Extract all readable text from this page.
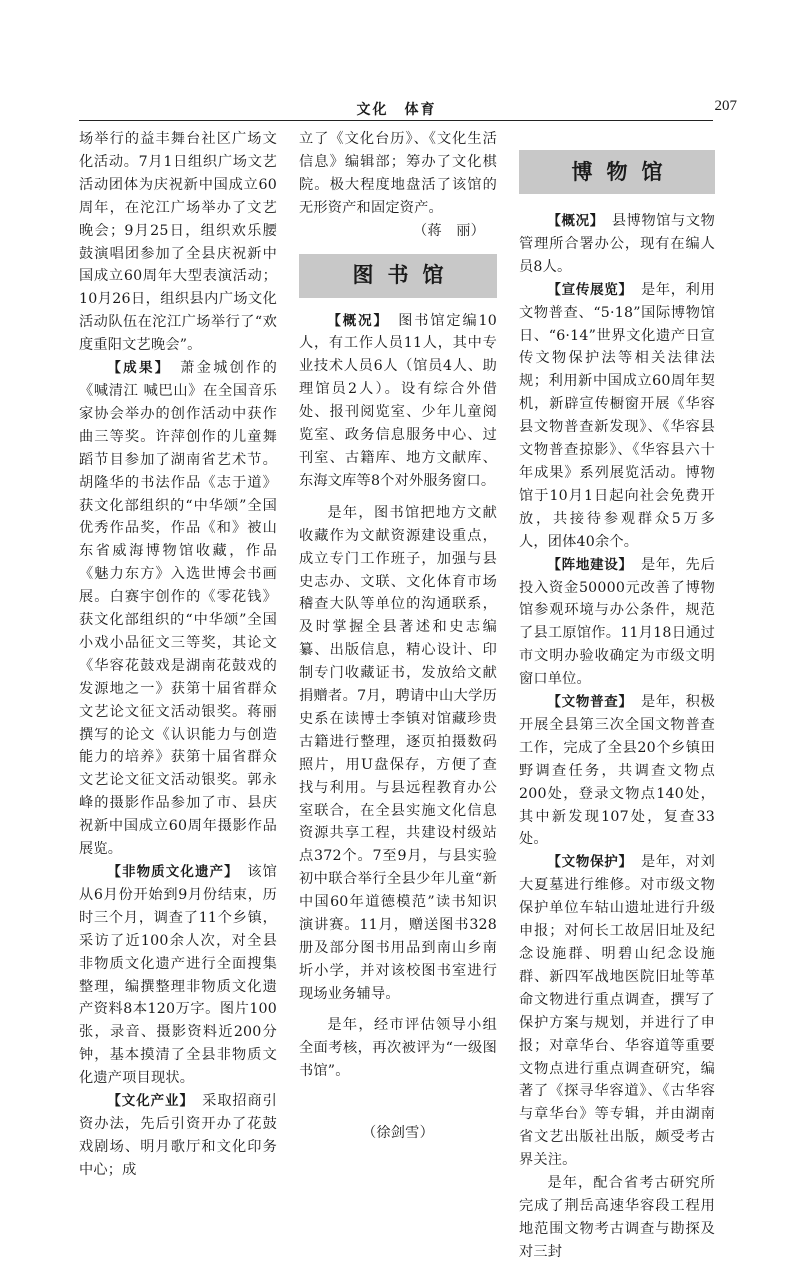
文化　体育	207

场举行的益丰舞台社区广场文化活动。7月1日组织广场文艺活动团体为庆祝新中国成立60周年，在沱江广场举办了文艺晚会；9月25日，组织欢乐腰鼓演唱团参加了全县庆祝新中国成立60周年大型表演活动；10月26日，组织县内广场文化活动队伍在沱江广场举行了“欢度重阳文艺晚会”。

【成果】　 萧金城创作的《喊清江 喊巴山》在全国音乐家协会举办的创作活动中获作曲三等奖。许萍创作的儿童舞蹈节目参加了湖南省艺术节。胡隆华的书法作品《志于道》获文化部组织的“中华颂”全国优秀作品奖，作品《和》被山东省威海博物馆收藏，作品《魅力东方》入选世博会书画展。白赛宇创作的《零花钱》获文化部组织的“中华颂”全国小戏小品征文三等奖，其论文《华容花鼓戏是湖南花鼓戏的发源地之一》获第十届省群众文艺论文征文活动银奖。蒋丽撰写的论文《认识能力与创造能力的培养》获第十届省群众文艺论文征文活动银奖。郭永峰的摄影作品参加了市、县庆祝新中国成立60周年摄影作品展览。

【非物质文化遗产】　 该馆从6月份开始到9月份结束，历时三个月，调查了11个乡镇，采访了近100余人次，对全县非物质文化遗产进行全面搜集整理，编撰整理非物质文化遗产资料8本120万字。图片100张，录音、摄影资料近200分钟，基本摸清了全县非物质文化遗产项目现状。

【文化产业】　 采取招商引资办法，先后引资开办了花鼓戏剧场、明月歌厅和文化印务中心；成

立了《文化台历》、《文化生活信息》编辑部；筹办了文化棋院。极大程度地盘活了该馆的无形资产和固定资产。

（蒋　丽）
图书馆

【概况】　 图书馆定编10人，有工作人员11人，其中专业技术人员6人（馆员4人、助理馆员2人）。设有综合外借处、报刊阅览室、少年儿童阅览室、政务信息服务中心、过刊室、古籍库、地方文献库、东海文库等8个对外服务窗口。

是年，图书馆把地方文献收藏作为文献资源建设重点，成立专门工作班子，加强与县史志办、文联、文化体育市场稽查大队等单位的沟通联系，及时掌握全县著述和史志编纂、出版信息，精心设计、印制专门收藏证书，发放给文献捐赠者。7月，聘请中山大学历史系在读博士李镇对馆藏珍贵古籍进行整理，逐页拍摄数码照片，用U盘保存，方便了查找与利用。与县远程教育办公室联合，在全县实施文化信息资源共享工程，共建设村级站点372个。7至9月，与县实验初中联合举行全县少年儿童“新中国60年道德模范”读书知识演讲赛。11月，赠送图书328册及部分图书用品到南山乡南圻小学，并对该校图书室进行现场业务辅导。

是年，经市评估领导小组全面考核，再次被评为“一级图书馆”。

（徐剑雪）
博物馆

【概况】　 县博物馆与文物管理所合署办公，现有在编人员8人。

【宣传展览】　 是年，利用文物普查、“5·18”国际博物馆日、“6·14”世界文化遗产日宣传文物保护法等相关法律法规；利用新中国成立60周年契机，新辟宣传橱窗开展《华容县文物普查新发现》、《华容县文物普查掠影》、《华容县六十年成果》系列展览活动。博物馆于10月1日起向社会免费开放，共接待参观群众5万多人，团体40余个。

【阵地建设】　 是年，先后投入资金50000元改善了博物馆参观环境与办公条件，规范了县工原馆作。11月18日通过市文明办验收确定为市级文明窗口单位。

【文物普查】　 是年，积极开展全县第三次全国文物普查工作，完成了全县20个乡镇田野调查任务，共调查文物点200处，登录文物点140处，其中新发现107处，复查33处。

【文物保护】　 是年，对刘大夏墓进行维修。对市级文物保护单位车轱山遗址进行升级申报；对何长工故居旧址及纪念设施群、明碧山纪念设施群、新四军战地医院旧址等革命文物进行重点调查，撰写了保护方案与规划，并进行了申报；对章华台、华容道等重要文物点进行重点调查研究，编著了《探寻华容道》、《古华容与章华台》等专辑，并由湖南省文艺出版社出版，颇受考古界关注。

是年，配合省考古研究所完成了荆岳高速华容段工程用地范围文物考古调查与勘探及对三封
